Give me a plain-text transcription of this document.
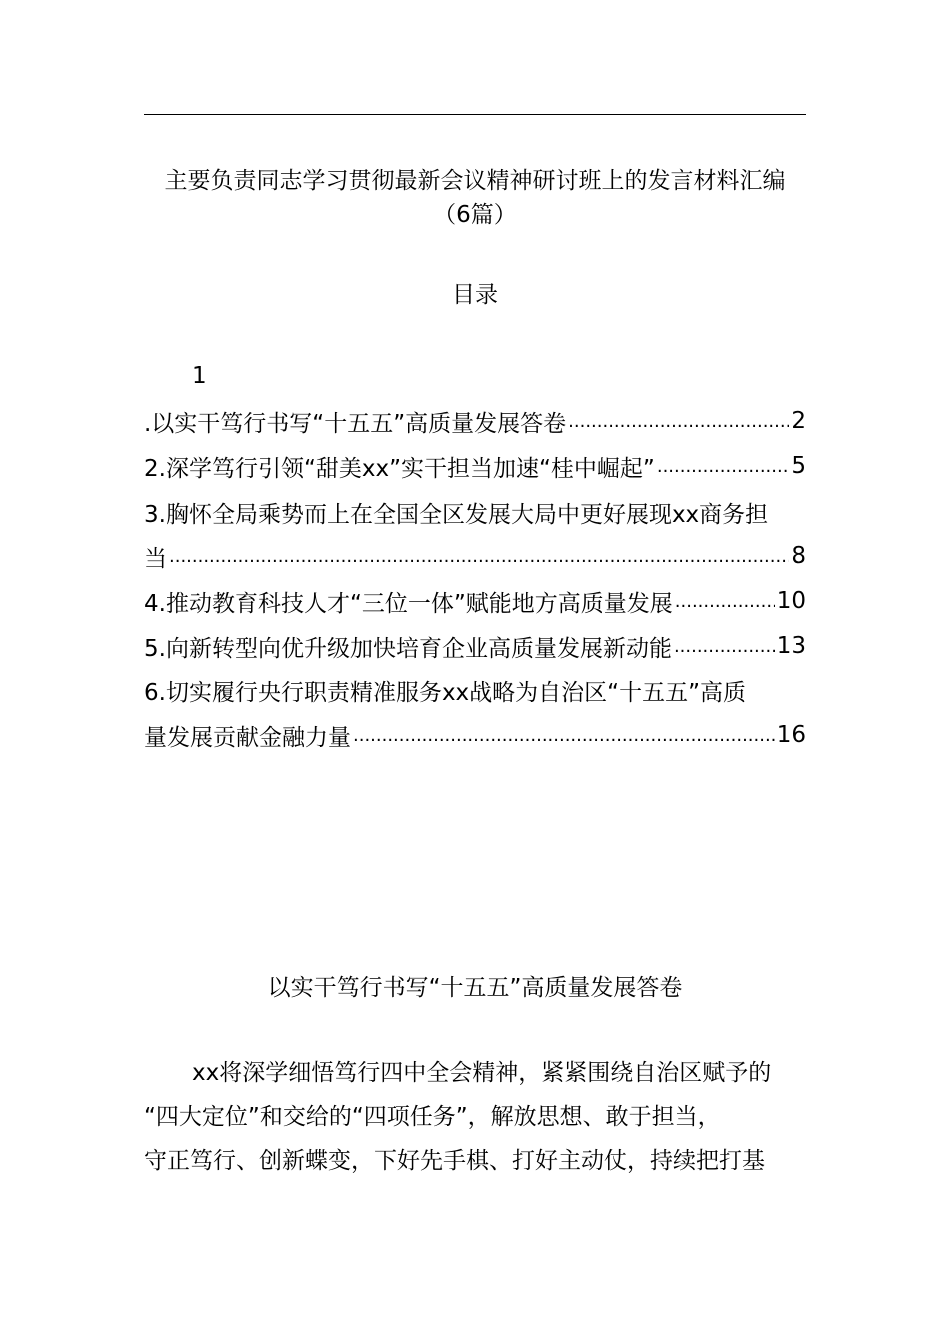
主要负责同志学习贯彻最新会议精神研讨班上的发言材料汇编
（6篇）
目录
1
.以实干笃行书写“十五五”高质量发展答卷 .....	2
2.深学笃行引领“甜美xx”实干担当加速“桂中崛起” .....	5
3.胸怀全局乘势而上在全国全区发展大局中更好展现xx商务担
当 .....	8
4.推动教育科技人才“三位一体”赋能地方高质量发展 .....	10
5.向新转型向优升级加快培育企业高质量发展新动能 .....	13
6.切实履行央行职责精准服务xx战略为自治区“十五五”高质
量发展贡献金融力量 .....	16
以实干笃行书写“十五五”高质量发展答卷
xx将深学细悟笃行四中全会精神，紧紧围绕自治区赋予的
“四大定位”和交给的“四项任务”，解放思想、敢于担当，
守正笃行、创新蝶变，下好先手棋、打好主动仗，持续把打基
